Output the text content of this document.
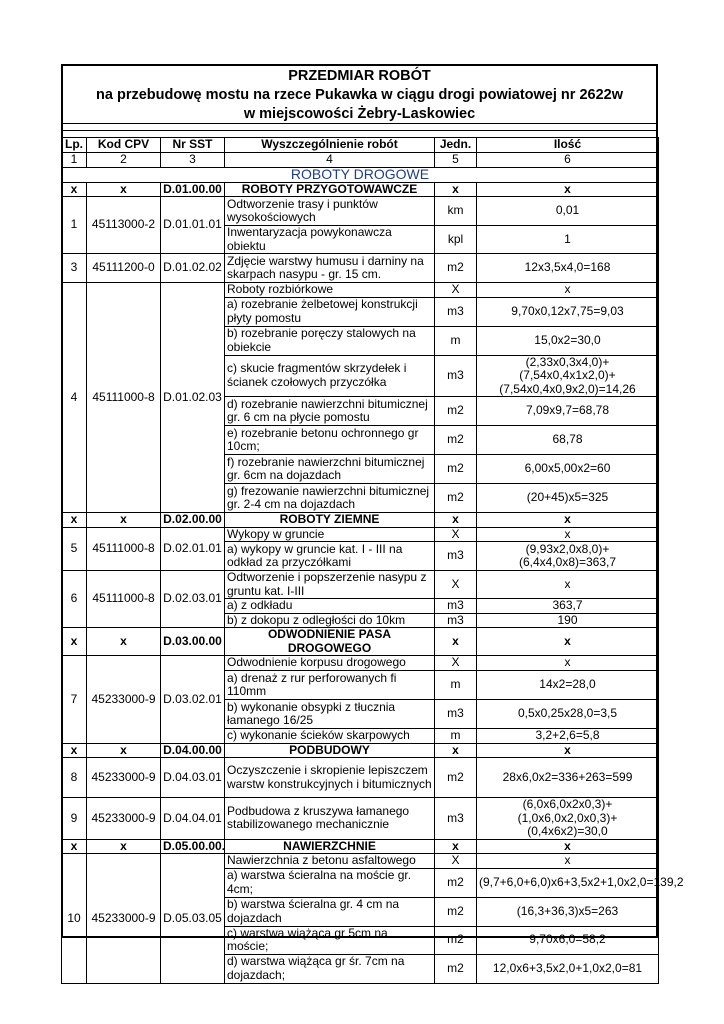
PRZEDMIAR ROBÓT
na przebudowę mostu na rzece Pukawka w ciągu drogi powiatowej nr 2622w
w miejscowości Żebry-Laskowiec
Lp.	Kod CPV	Nr SST	Wyszczególnienie robót	Jedn.	Ilość
1	2	3	4	5	6
ROBOTY DROGOWE					
x	x	D.01.00.00	ROBOTY PRZYGOTOWAWCZE	x	x
1	45113000-2	D.01.01.01	Odtworzenie trasy i punktów wysokościowych	km	0,01
			Inwentaryzacja powykonawcza obiektu	kpl	1
3	45111200-0	D.01.02.02	Zdjęcie warstwy humusu i darniny na skarpach nasypu - gr. 15 cm.	m2	12x3,5x4,0=168
4	45111000-8	D.01.02.03	Roboty rozbiórkowe	X	x
			a) rozebranie żelbetowej konstrukcji płyty pomostu	m3	9,70x0,12x7,75=9,03
			b) rozebranie poręczy stalowych na obiekcie	m	15,0x2=30,0
			c) skucie fragmentów skrzydełek i ścianek czołowych przyczółka	m3	(2,33x0,3x4,0)+(7,54x0,4x1x2,0)+(7,54x0,4x0,9x2,0)=14,26
			d) rozebranie nawierzchni bitumicznej gr. 6 cm na płycie pomostu	m2	7,09x9,7=68,78
			e) rozebranie betonu ochronnego gr 10cm;	m2	68,78
			f) rozebranie nawierzchni bitumicznej gr. 6cm na dojazdach	m2	6,00x5,00x2=60
			g) frezowanie nawierzchni bitumicznej gr. 2-4 cm na dojazdach	m2	(20+45)x5=325
x	x	D.02.00.00	ROBOTY ZIEMNE	x	x
5	45111000-8	D.02.01.01	Wykopy w gruncie	X	x
			a) wykopy w gruncie kat. I - III na odkład za przyczółkami	m3	(9,93x2,0x8,0)+(6,4x4,0x8)=363,7
6	45111000-8	D.02.03.01	Odtworzenie i popszerzenie nasypu z gruntu kat. I-III	X	x
			a) z odkładu	m3	363,7
			b) z dokopu z odległości do 10km	m3	190
x	x	D.03.00.00	ODWODNIENIE PASA DROGOWEGO	x	x
7	45233000-9	D.03.02.01	Odwodnienie korpusu drogowego	X	x
			a) drenaż z rur perforowanych fi 110mm	m	14x2=28,0
			b) wykonanie obsypki z tłucznia łamanego 16/25	m3	0,5x0,25x28,0=3,5
			c) wykonanie ścieków skarpowych	m	3,2+2,6=5,8
x	x	D.04.00.00	PODBUDOWY	x	x
8	45233000-9	D.04.03.01	Oczyszczenie i skropienie lepiszczem warstw konstrukcyjnych i bitumicznych	m2	28x6,0x2=336+263=599
9	45233000-9	D.04.04.01	Podbudowa z kruszywa łamanego stabilizowanego mechanicznie	m3	(6,0x6,0x2x0,3)+(1,0x6,0x2,0x0,3)+(0,4x6x2)=30,0
x	x	D.05.00.00.	NAWIERZCHNIE	x	x
10	45233000-9	D.05.03.05	Nawierzchnia z betonu asfaltowego	X	x
			a) warstwa ścieralna na moście gr. 4cm;	m2	(9,7+6,0+6,0)x6+3,5x2+1,0x2,0=139,2
			b) warstwa ścieralna gr. 4 cm na dojazdach	m2	(16,3+36,3)x5=263
			c) warstwa wiążąca gr 5cm na moście;	m2	9,70x6,0=58,2
			d) warstwa wiążąca gr śr. 7cm na dojazdach;	m2	12,0x6+3,5x2,0+1,0x2,0=81
